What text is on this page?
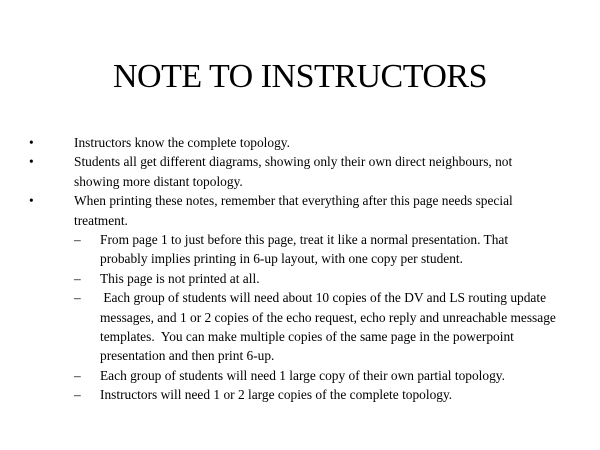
NOTE TO INSTRUCTORS
•	Instructors know the complete topology.
•	Students all get different diagrams, showing only their own direct neighbours, not showing more distant topology.
•	When printing these notes, remember that everything after this page needs special treatment.
– From page 1 to just before this page, treat it like a normal presentation. That probably implies printing in 6-up layout, with one copy per student.
– This page is not printed at all.
– Each group of students will need about 10 copies of the DV and LS routing update messages, and 1 or 2 copies of the echo request, echo reply and unreachable message templates.  You can make multiple copies of the same page in the powerpoint presentation and then print 6-up.
– Each group of students will need 1 large copy of their own partial topology.
– Instructors will need 1 or 2 large copies of the complete topology.
